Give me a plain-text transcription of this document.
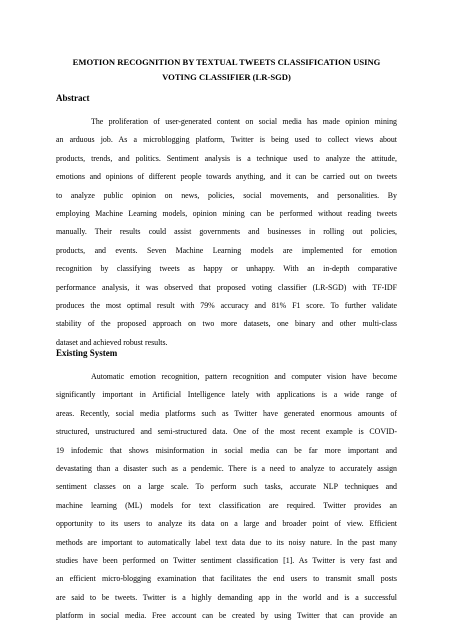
EMOTION RECOGNITION BY TEXTUAL TWEETS CLASSIFICATION USING
VOTING CLASSIFIER (LR-SGD)
Abstract
The proliferation of user-generated content on social media has made opinion mining
an arduous job. As a microblogging platform, Twitter is being used to collect views about
products, trends, and politics. Sentiment analysis is a technique used to analyze the attitude,
emotions and opinions of different people towards anything, and it can be carried out on tweets
to analyze public opinion on news, policies, social movements, and personalities. By
employing Machine Learning models, opinion mining can be performed without reading tweets
manually. Their results could assist governments and businesses in rolling out policies,
products, and events. Seven Machine Learning models are implemented for emotion
recognition by classifying tweets as happy or unhappy. With an in-depth comparative
performance analysis, it was observed that proposed voting classifier (LR-SGD) with TF-IDF
produces the most optimal result with 79% accuracy and 81% F1 score. To further validate
stability of the proposed approach on two more datasets, one binary and other multi-class
dataset and achieved robust results.
Existing System
Automatic emotion recognition, pattern recognition and computer vision have become
significantly important in Artificial Intelligence lately with applications is a wide range of
areas. Recently, social media platforms such as Twitter have generated enormous amounts of
structured, unstructured and semi-structured data. One of the most recent example is COVID-
19 infodemic that shows misinformation in social media can be far more important and
devastating than a disaster such as a pendemic. There is a need to analyze to accurately assign
sentiment classes on a large scale. To perform such tasks, accurate NLP techniques and
machine learning (ML) models for text classification are required. Twitter provides an
opportunity to its users to analyze its data on a large and broader point of view. Efficient
methods are important to automatically label text data due to its noisy nature. In the past many
studies have been performed on Twitter sentiment classification [1]. As Twitter is very fast and
an efficient micro-blogging examination that facilitates the end users to transmit small posts
are said to be tweets. Twitter is a highly demanding app in the world and is a successful
platform in social media. Free account can be created by using Twitter that can provide an
